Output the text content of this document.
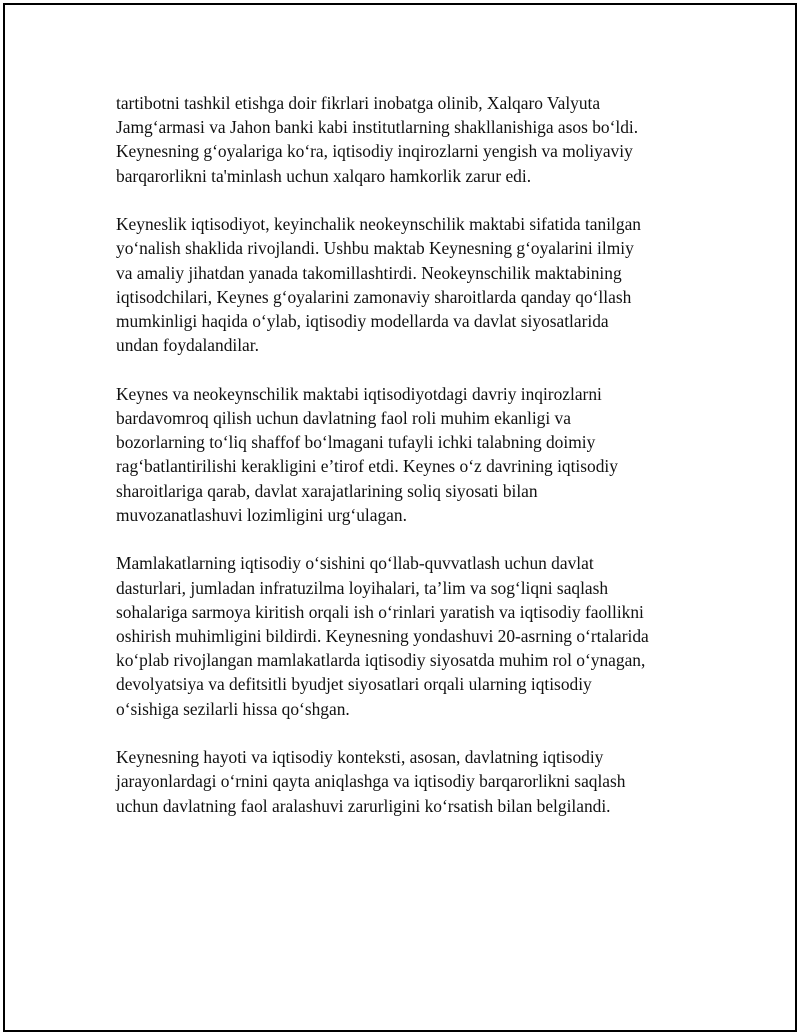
tartibotni tashkil etishga doir fikrlari inobatga olinib, Xalqaro Valyuta
Jamg‘armasi va Jahon banki kabi institutlarning shakllanishiga asos bo‘ldi.
Keynesning g‘oyalariga ko‘ra, iqtisodiy inqirozlarni yengish va moliyaviy
barqarorlikni ta'minlash uchun xalqaro hamkorlik zarur edi.

Keyneslik iqtisodiyot, keyinchalik neokeynschilik maktabi sifatida tanilgan
yo‘nalish shaklida rivojlandi. Ushbu maktab Keynesning g‘oyalarini ilmiy
va amaliy jihatdan yanada takomillashtirdi. Neokeynschilik maktabining
iqtisodchilari, Keynes g‘oyalarini zamonaviy sharoitlarda qanday qo‘llash
mumkinligi haqida o‘ylab, iqtisodiy modellarda va davlat siyosatlarida
undan foydalandilar.

Keynes va neokeynschilik maktabi iqtisodiyotdagi davriy inqirozlarni
bardavomroq qilish uchun davlatning faol roli muhim ekanligi va
bozorlarning to‘liq shaffof bo‘lmagani tufayli ichki talabning doimiy
rag‘batlantirilishi kerakligini e’tirof etdi. Keynes o‘z davrining iqtisodiy
sharoitlariga qarab, davlat xarajatlarining soliq siyosati bilan
muvozanatlashuvi lozimligini urg‘ulagan.

Mamlakatlarning iqtisodiy o‘sishini qo‘llab-quvvatlash uchun davlat
dasturlari, jumladan infratuzilma loyihalari, ta’lim va sog‘liqni saqlash
sohalariga sarmoya kiritish orqali ish o‘rinlari yaratish va iqtisodiy faollikni
oshirish muhimligini bildirdi. Keynesning yondashuvi 20-asrning o‘rtalarida
ko‘plab rivojlangan mamlakatlarda iqtisodiy siyosatda muhim rol o‘ynagan,
devolyatsiya va defitsitli byudjet siyosatlari orqali ularning iqtisodiy
o‘sishiga sezilarli hissa qo‘shgan.

Keynesning hayoti va iqtisodiy konteksti, asosan, davlatning iqtisodiy
jarayonlardagi o‘rnini qayta aniqlashga va iqtisodiy barqarorlikni saqlash
uchun davlatning faol aralashuvi zarurligini ko‘rsatish bilan belgilandi.
